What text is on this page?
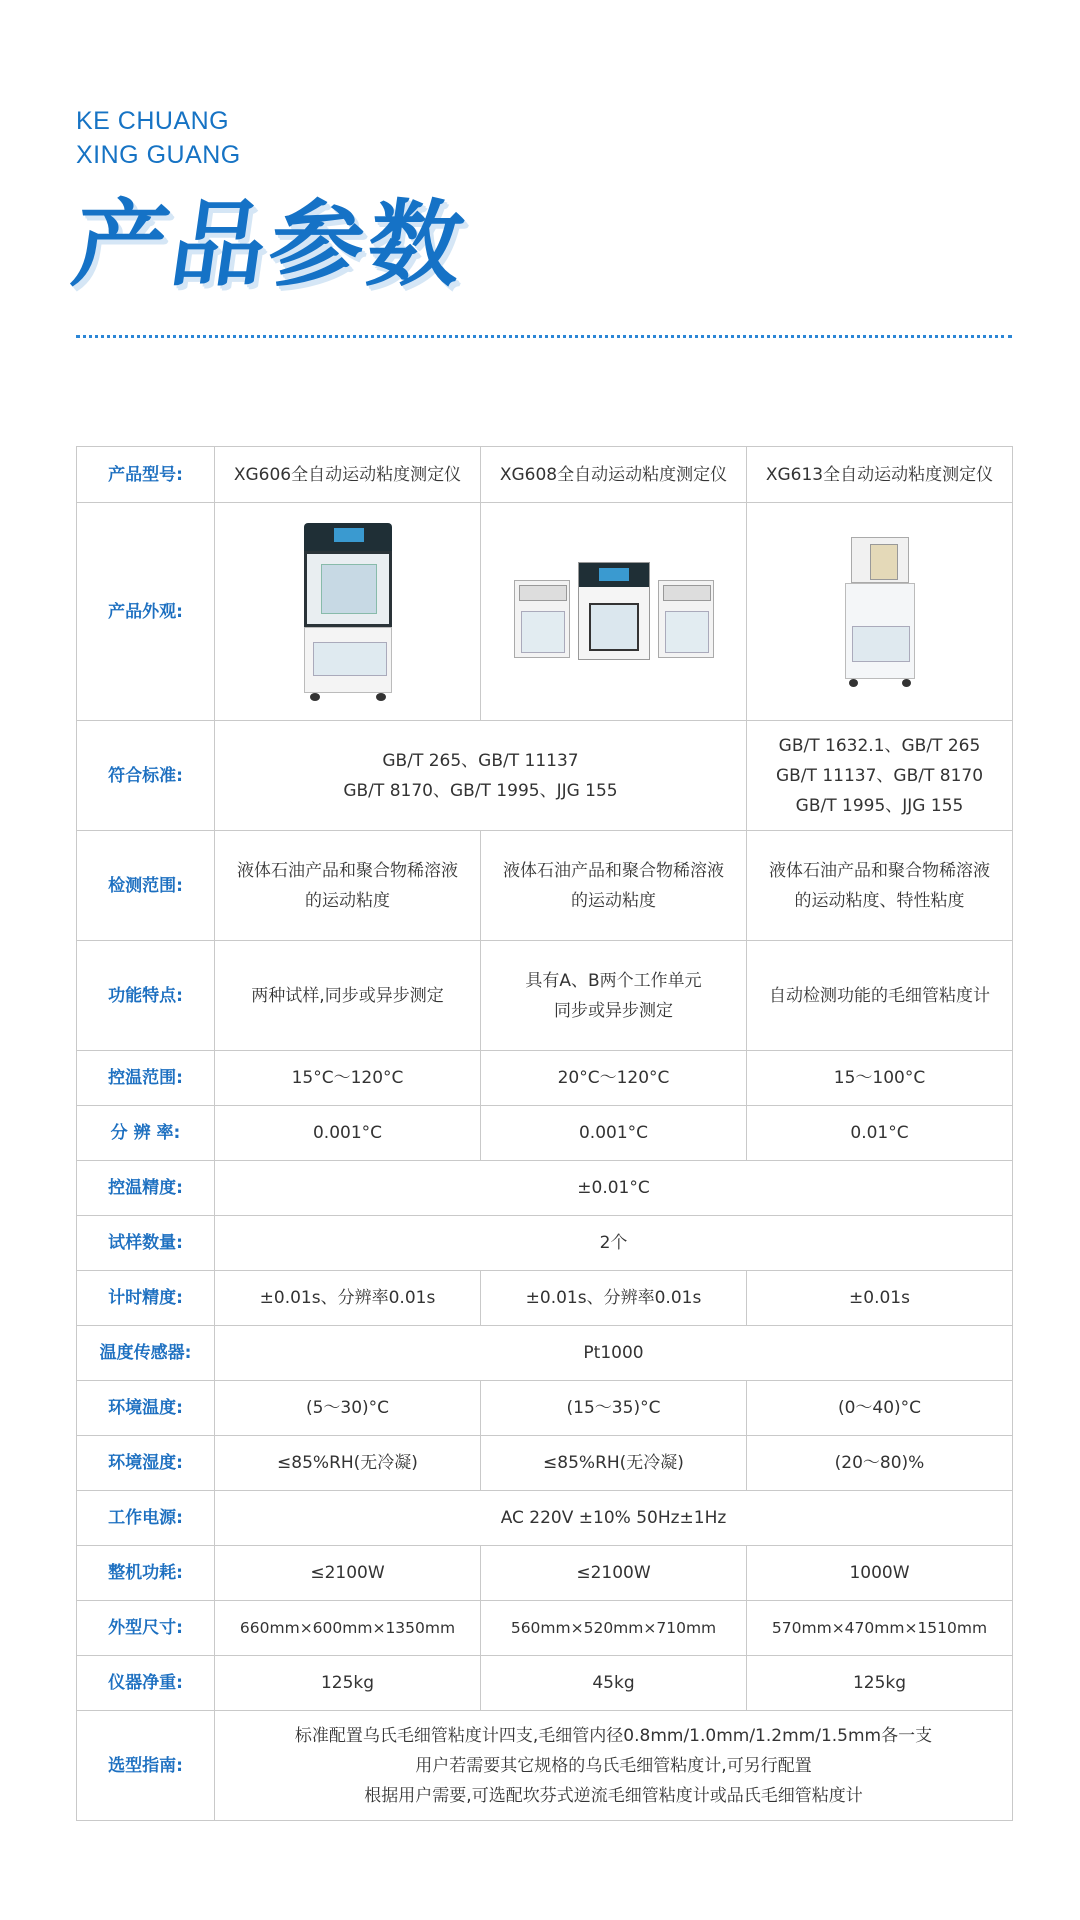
KE CHUANG
XING GUANG
产品参数
产品型号:	XG606全自动运动粘度测定仪	XG608全自动运动粘度测定仪	XG613全自动运动粘度测定仪
产品外观:	

符合标准:	GB/T 265、GB/T 11137
GB/T 8170、GB/T 1995、JJG 155		GB/T 1632.1、GB/T 265
GB/T 11137、GB/T 8170
GB/T 1995、JJG 155

检测范围:	液体石油产品和聚合物稀溶液
的运动粘度	液体石油产品和聚合物稀溶液
的运动粘度	液体石油产品和聚合物稀溶液
的运动粘度、特性粘度

功能特点:	两种试样,同步或异步测定	具有A、B两个工作单元
同步或异步测定	自动检测功能的毛细管粘度计
控温范围:	15°C～120°C	20°C～120°C	15～100°C
分 辨 率:	0.001°C	0.001°C	0.01°C
控温精度:	±0.01°C		
试样数量:	2个		
计时精度:	±0.01s、分辨率0.01s	±0.01s、分辨率0.01s	±0.01s
温度传感器:	Pt1000		
环境温度:	(5～30)°C	(15～35)°C	(0～40)°C
环境湿度:	≤85%RH(无冷凝)	≤85%RH(无冷凝)	(20～80)%
工作电源:	AC 220V ±10% 50Hz±1Hz		
整机功耗:	≤2100W	≤2100W	1000W
外型尺寸:	660mm×600mm×1350mm	560mm×520mm×710mm	570mm×470mm×1510mm
仪器净重:	125kg	45kg	125kg
选型指南:	标准配置乌氏毛细管粘度计四支,毛细管内径0.8mm/1.0mm/1.2mm/1.5mm各一支
用户若需要其它规格的乌氏毛细管粘度计,可另行配置
根据用户需要,可选配坎芬式逆流毛细管粘度计或品氏毛细管粘度计		
